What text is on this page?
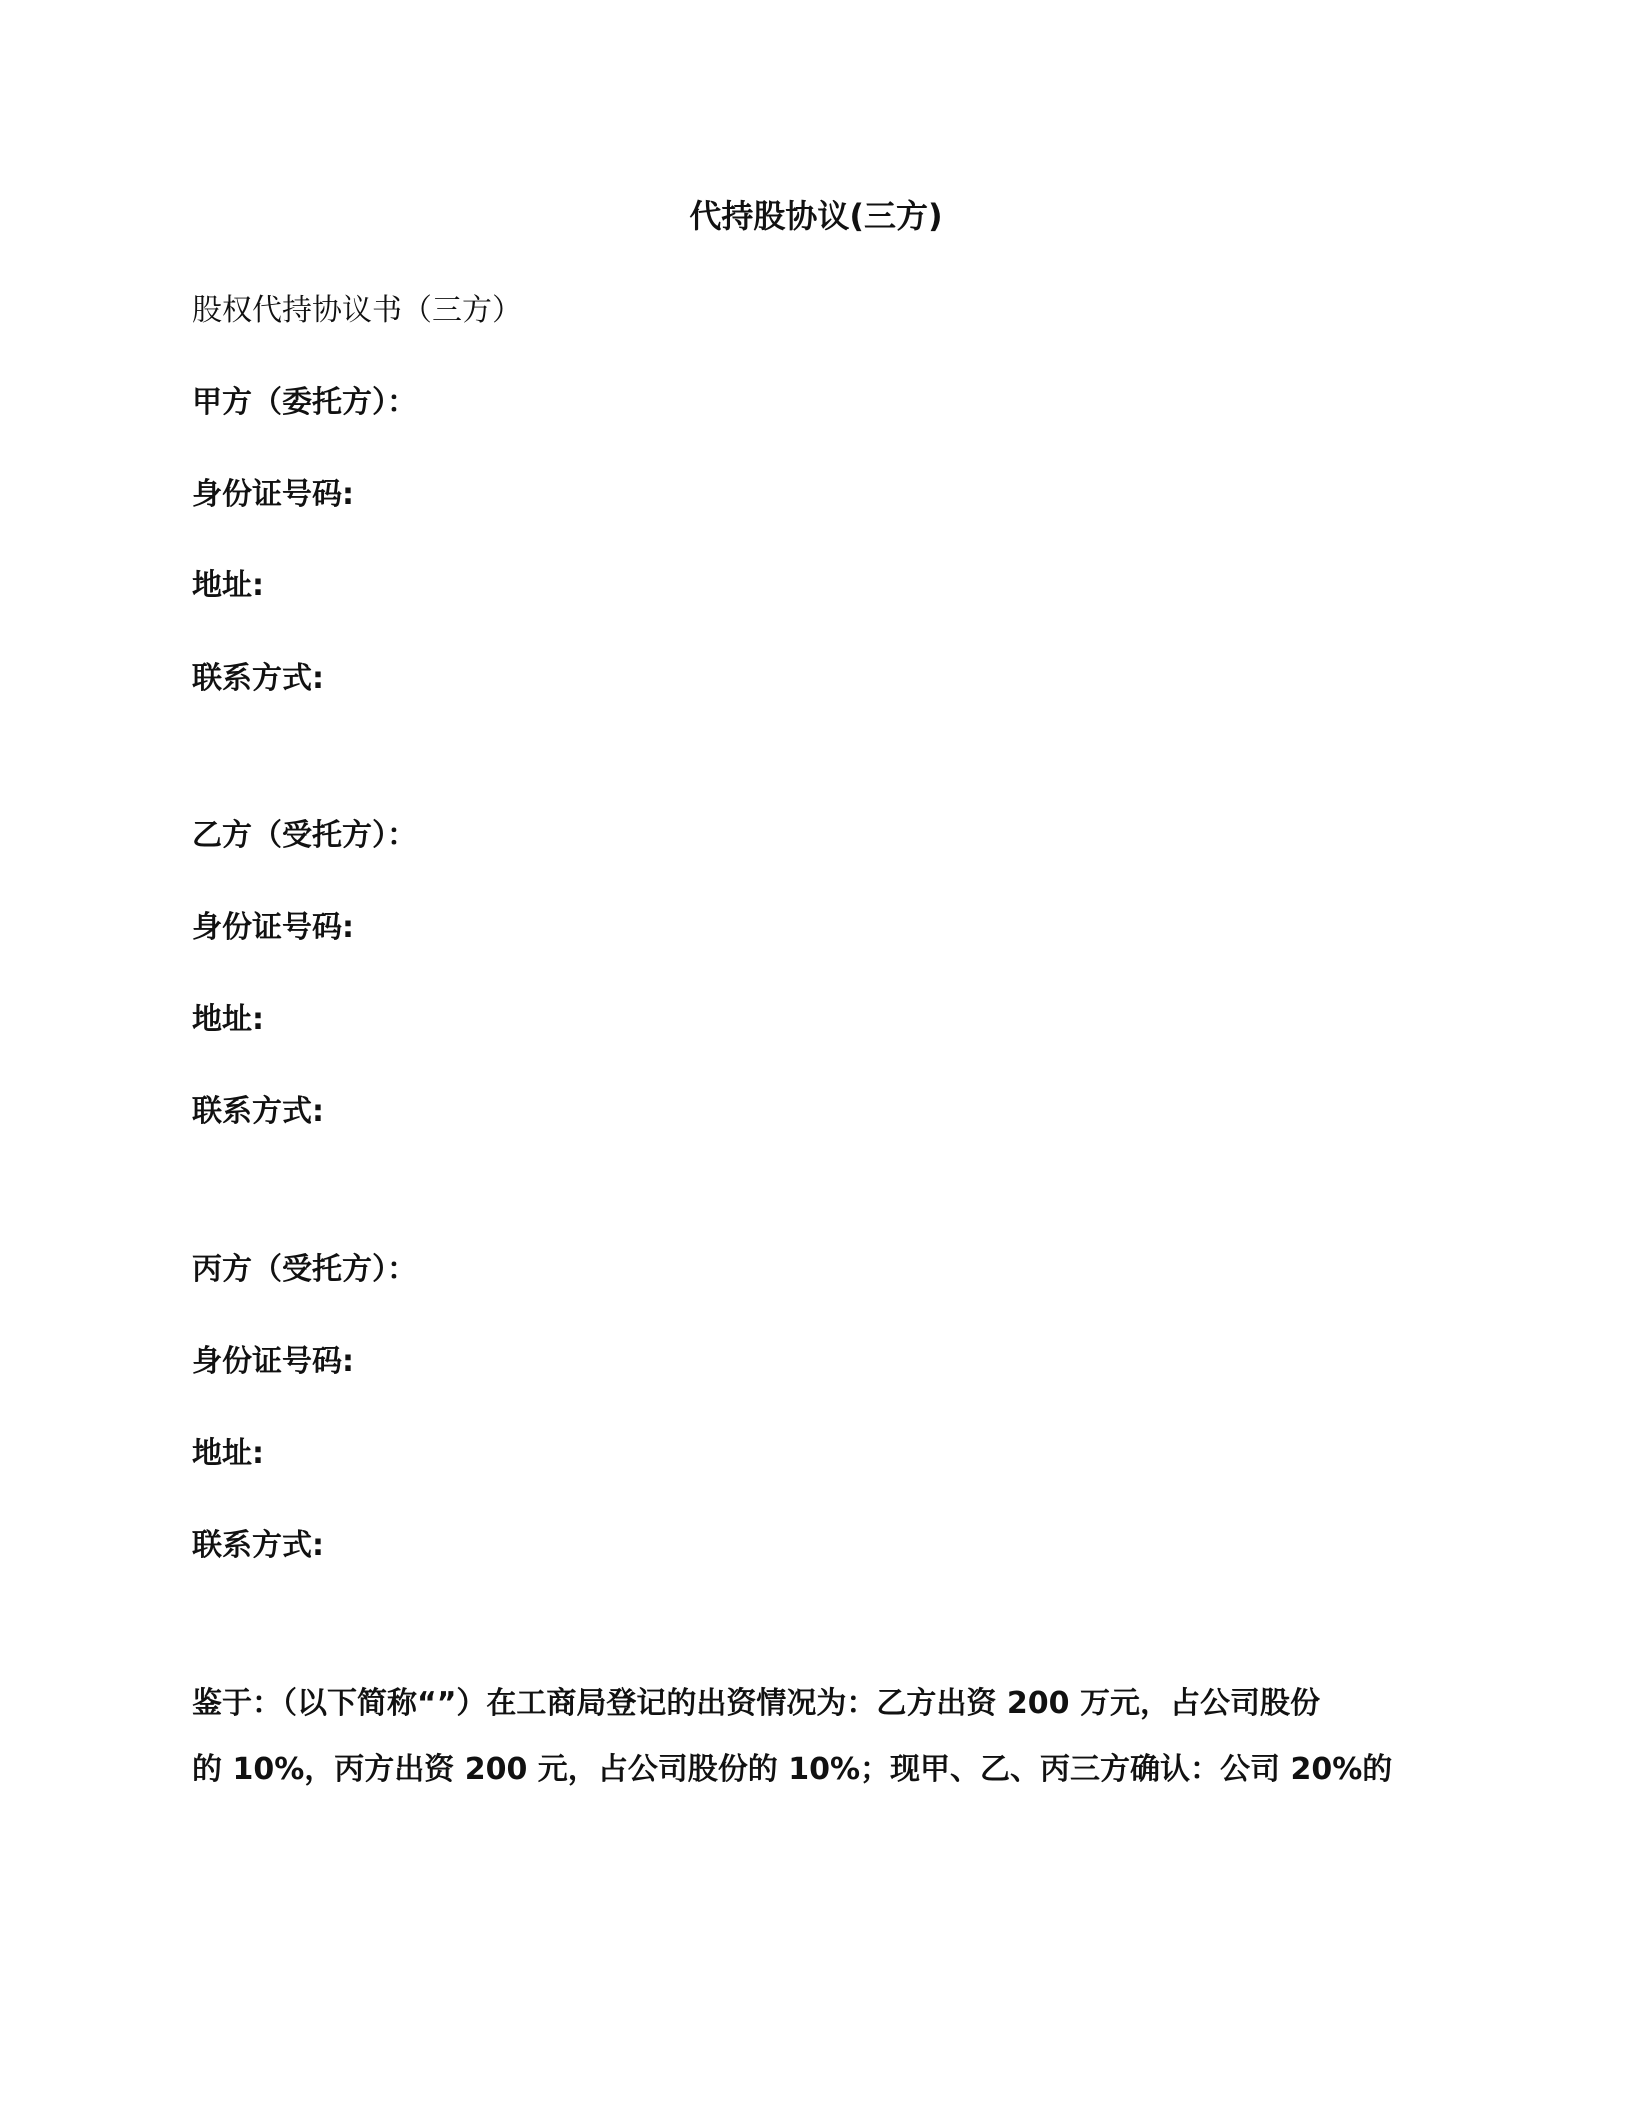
代持股协议(三方)
股权代持协议书（三方）
甲方（委托方）：
身份证号码:
地址:
联系方式:
乙方（受托方）：
身份证号码:
地址:
联系方式:
丙方（受托方）：
身份证号码:
地址:
联系方式:
鉴于：（以下简称“”）在工商局登记的出资情况为：乙方出资 200 万元，占公司股份
的 10%，丙方出资 200 元，占公司股份的 10%；现甲、乙、丙三方确认：公司 20%的
